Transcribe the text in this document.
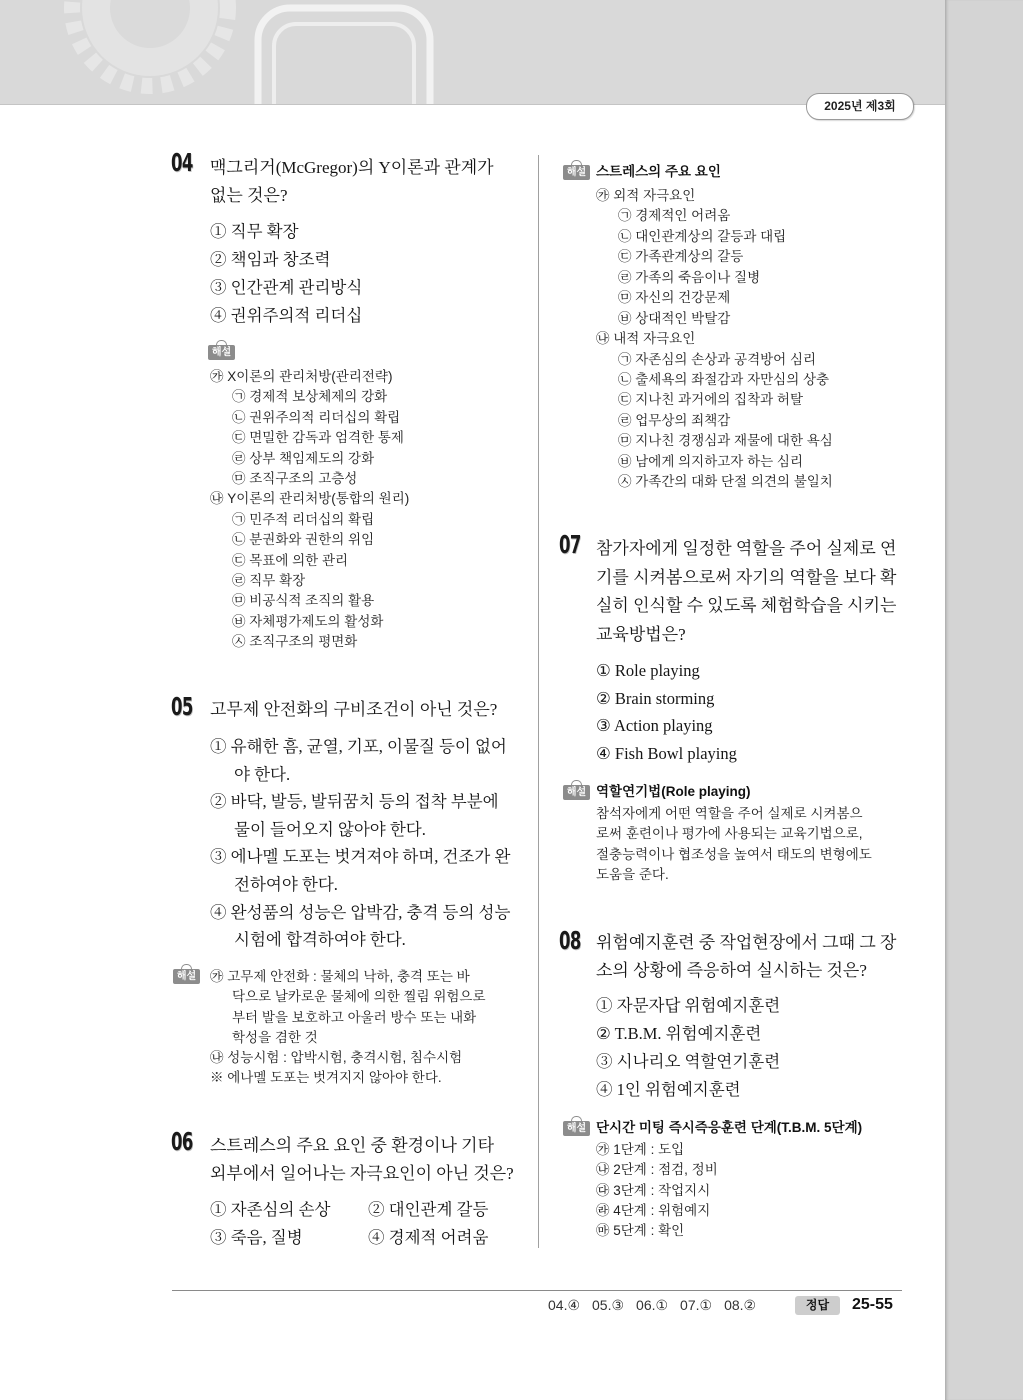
2025년 제3회
04 맥그리거(McGregor)의 Y이론과 관계가
없는 것은?
① 직무 확장
② 책임과 창조력
③ 인간관계 관리방식
④ 권위주의적 리더십
해설
㉮ X이론의 관리처방(관리전략)
㉠ 경제적 보상체제의 강화
㉡ 권위주의적 리더십의 확립
㉢ 면밀한 감독과 엄격한 통제
㉣ 상부 책임제도의 강화
㉤ 조직구조의 고층성
㉯ Y이론의 관리처방(통합의 원리)
㉠ 민주적 리더십의 확립
㉡ 분권화와 권한의 위임
㉢ 목표에 의한 관리
㉣ 직무 확장
㉤ 비공식적 조직의 활용
㉥ 자체평가제도의 활성화
㉦ 조직구조의 평면화
05 고무제 안전화의 구비조건이 아닌 것은?
① 유해한 흠, 균열, 기포, 이물질 등이 없어
야 한다.
② 바닥, 발등, 발뒤꿈치 등의 접착 부분에
물이 들어오지 않아야 한다.
③ 에나멜 도포는 벗겨져야 하며, 건조가 완
전하여야 한다.
④ 완성품의 성능은 압박감, 충격 등의 성능
시험에 합격하여야 한다.
해설 ㉮ 고무제 안전화 : 물체의 낙하, 충격 또는 바
닥으로 날카로운 물체에 의한 찔림 위험으로
부터 발을 보호하고 아울러 방수 또는 내화
학성을 겸한 것
㉯ 성능시험 : 압박시험, 충격시험, 침수시험
※ 에나멜 도포는 벗겨지지 않아야 한다.
06 스트레스의 주요 요인 중 환경이나 기타
외부에서 일어나는 자극요인이 아닌 것은?
① 자존심의 손상	② 대인관계 갈등
③ 죽음, 질병	④ 경제적 어려움
해설 스트레스의 주요 요인
㉮ 외적 자극요인
㉠ 경제적인 어려움
㉡ 대인관계상의 갈등과 대립
㉢ 가족관계상의 갈등
㉣ 가족의 죽음이나 질병
㉤ 자신의 건강문제
㉥ 상대적인 박탈감
㉯ 내적 자극요인
㉠ 자존심의 손상과 공격방어 심리
㉡ 출세욕의 좌절감과 자만심의 상충
㉢ 지나친 과거에의 집착과 허탈
㉣ 업무상의 죄책감
㉤ 지나친 경쟁심과 재물에 대한 욕심
㉥ 남에게 의지하고자 하는 심리
㉦ 가족간의 대화 단절 의견의 불일치
07 참가자에게 일정한 역할을 주어 실제로 연
기를 시켜봄으로써 자기의 역할을 보다 확
실히 인식할 수 있도록 체험학습을 시키는
교육방법은?
① Role playing
② Brain storming
③ Action playing
④ Fish Bowl playing
해설 역할연기법(Role playing)
참석자에게 어떤 역할을 주어 실제로 시켜봄으
로써 훈련이나 평가에 사용되는 교육기법으로,
절충능력이나 협조성을 높여서 태도의 변형에도
도움을 준다.
08 위험예지훈련 중 작업현장에서 그때 그 장
소의 상황에 즉응하여 실시하는 것은?
① 자문자답 위험예지훈련
② T.B.M. 위험예지훈련
③ 시나리오 역할연기훈련
④ 1인 위험예지훈련
해설 단시간 미팅 즉시즉응훈련 단계(T.B.M. 5단계)
㉮ 1단계 : 도입
㉯ 2단계 : 점검, 정비
㉰ 3단계 : 작업지시
㉱ 4단계 : 위험예지
㉲ 5단계 : 확인
04.④ 05.③ 06.① 07.① 08.②	정답	25-55
